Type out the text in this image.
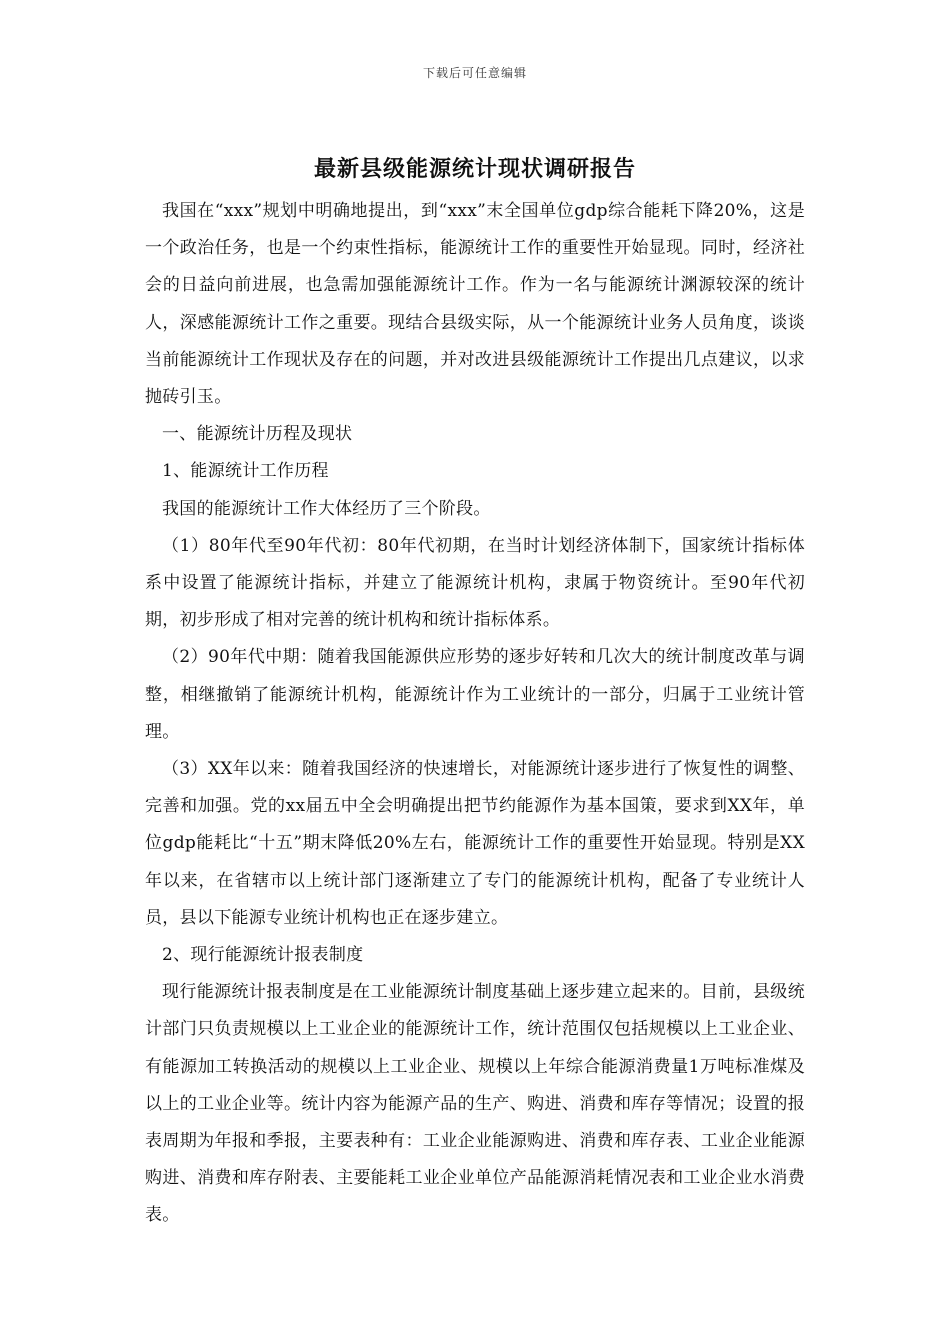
下载后可任意编辑
最新县级能源统计现状调研报告

我国在“xxx”规划中明确地提出，到“xxx”末全国单位gdp综合能耗下降20%，这是一个政治任务，也是一个约束性指标，能源统计工作的重要性开始显现。同时，经济社会的日益向前进展，也急需加强能源统计工作。作为一名与能源统计渊源较深的统计人，深感能源统计工作之重要。现结合县级实际，从一个能源统计业务人员角度，谈谈当前能源统计工作现状及存在的问题，并对改进县级能源统计工作提出几点建议，以求抛砖引玉。

一、能源统计历程及现状

1、能源统计工作历程

我国的能源统计工作大体经历了三个阶段。

（1）80年代至90年代初：80年代初期，在当时计划经济体制下，国家统计指标体系中设置了能源统计指标，并建立了能源统计机构，隶属于物资统计。至90年代初期，初步形成了相对完善的统计机构和统计指标体系。

（2）90年代中期：随着我国能源供应形势的逐步好转和几次大的统计制度改革与调整，相继撤销了能源统计机构，能源统计作为工业统计的一部分，归属于工业统计管理。

（3）XX年以来：随着我国经济的快速增长，对能源统计逐步进行了恢复性的调整、完善和加强。党的xx届五中全会明确提出把节约能源作为基本国策，要求到XX年，单位gdp能耗比“十五”期末降低20%左右，能源统计工作的重要性开始显现。特别是XX年以来，在省辖市以上统计部门逐渐建立了专门的能源统计机构，配备了专业统计人员，县以下能源专业统计机构也正在逐步建立。

2、现行能源统计报表制度

现行能源统计报表制度是在工业能源统计制度基础上逐步建立起来的。目前，县级统计部门只负责规模以上工业企业的能源统计工作，统计范围仅包括规模以上工业企业、有能源加工转换活动的规模以上工业企业、规模以上年综合能源消费量1万吨标准煤及以上的工业企业等。统计内容为能源产品的生产、购进、消费和库存等情况；设置的报表周期为年报和季报，主要表种有：工业企业能源购进、消费和库存表、工业企业能源购进、消费和库存附表、主要能耗工业企业单位产品能源消耗情况表和工业企业水消费表。
